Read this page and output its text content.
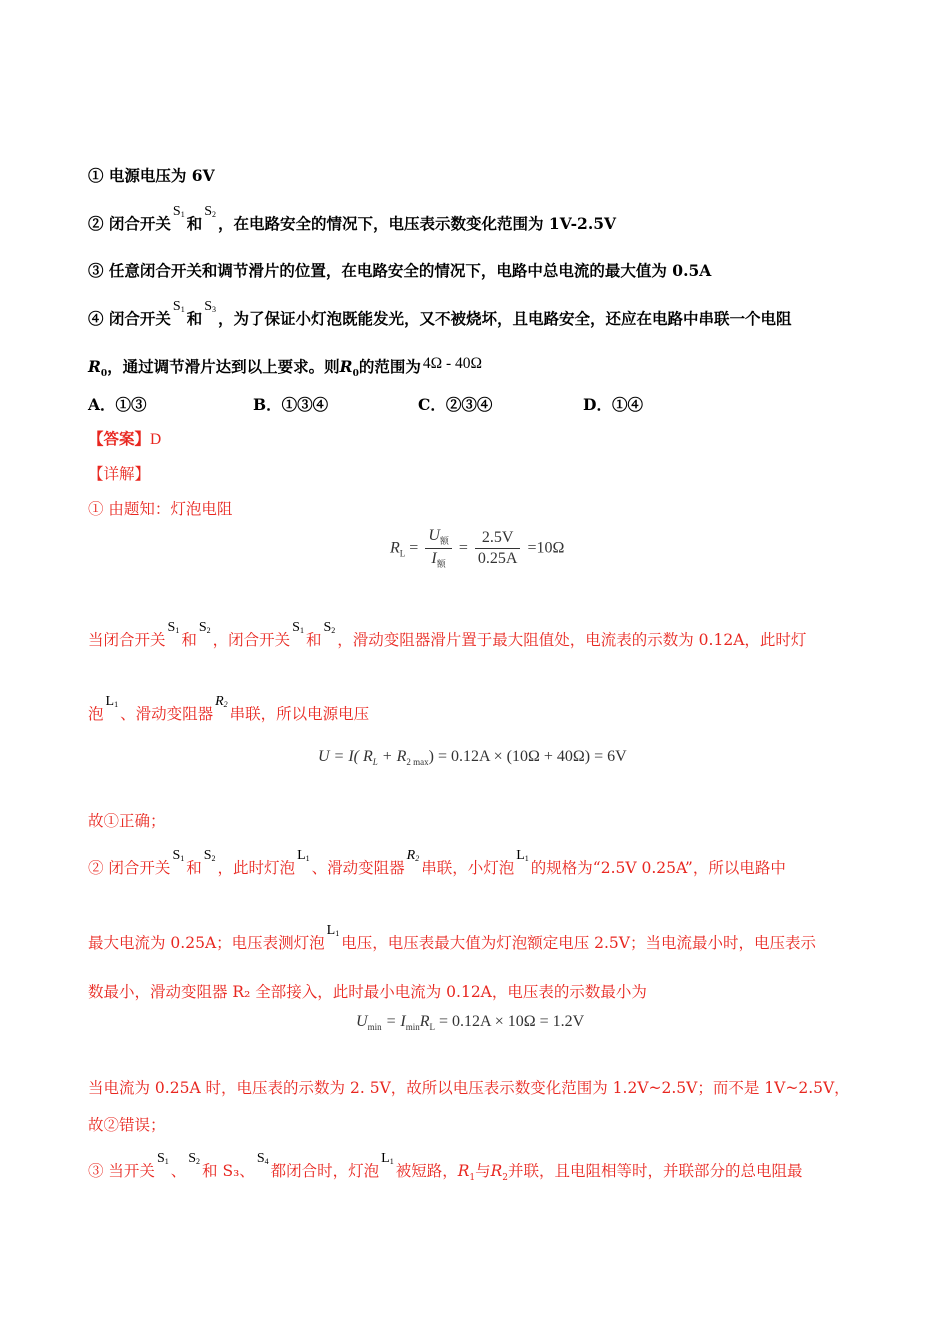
① 电源电压为 6V
② 闭合开关$S_1$ 和$S_2$ ，在电路安全的情况下，电压表示数变化范围为 1V-2.5V
③ 任意闭合开关和调节滑片的位置，在电路安全的情况下，电路中总电流的最大值为 0.5A
④ 闭合开关$S_1$ 和$S_3$ ，为了保证小灯泡既能发光，又不被烧坏，且电路安全，还应在电路中串联一个电阻
$R_0$，通过调节滑片达到以上要求。则$R_0$的范围为 4Ω - 40Ω
A．①③	B．①③④	C．②③④	D．①④
【答案】D
【详解】
① 由题知：灯泡电阻
$R_L = \frac{U_额}{I_额} = \frac{2.5V}{0.25A} =10\Omega$
当闭合开关$S_1$和$S_2$，闭合开关$S_1$和$S_2$，滑动变阻器滑片置于最大阻值处，电流表的示数为 0.12A，此时灯
泡$L_1$、滑动变阻器$R_2$串联，所以电源电压
U = I( $R_L + R_{2 max}) = 0.12A \times (10\Omega + 40\Omega) = 6V$
故①正确；
② 闭合开关$S_1$和$S_2$，此时灯泡$L_1$、滑动变阻器$R_2$串联，小灯泡$L_1$的规格为“2.5V 0.25A”，所以电路中
最大电流为 0.25A；电压表测灯泡$L_1$电压，电压表最大值为灯泡额定电压 2.5V；当电流最小时，电压表示
数最小，滑动变阻器 R₂ 全部接入，此时最小电流为 0.12A，电压表的示数最小为
$U_{min} = I_{min}R_L = 0.12A \times 10\Omega = 1.2V$
当电流为 0.25A 时，电压表的示数为 2. 5V，故所以电压表示数变化范围为 1.2V~2.5V；而不是 1V~2.5V，
故②错误；
③ 当开关$S_1$、$S_2$和 S₃、$S_4$都闭合时，灯泡$L_1$被短路，$R_1$与$R_2$并联，且电阻相等时，并联部分的总电阻最
